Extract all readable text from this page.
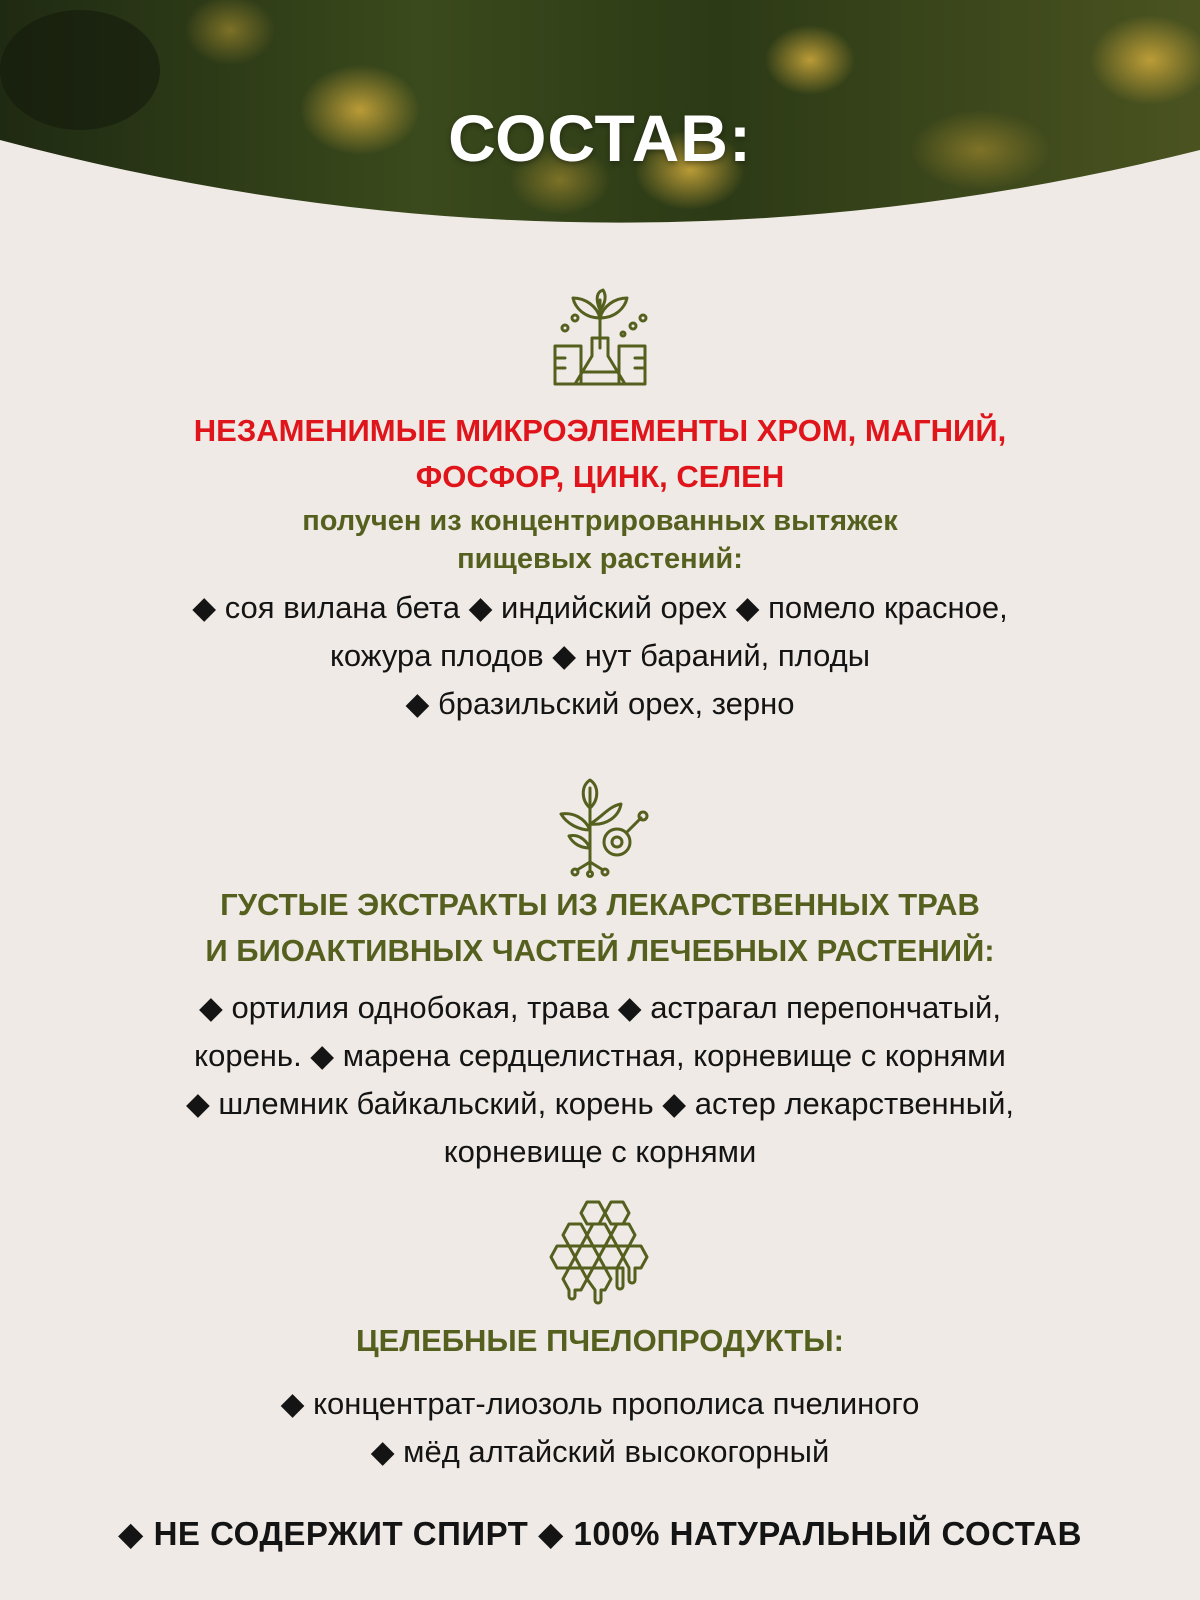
СОСТАВ:
НЕЗАМЕНИМЫЕ МИКРОЭЛЕМЕНТЫ ХРОМ, МАГНИЙ,
ФОСФОР, ЦИНК, СЕЛЕН
получен из концентрированных вытяжек
пищевых растений:
◆ соя вилана бета ◆ индийский орех ◆ помело красное,
кожура плодов ◆ нут бараний, плоды
◆ бразильский орех, зерно
ГУСТЫЕ ЭКСТРАКТЫ ИЗ ЛЕКАРСТВЕННЫХ ТРАВ
И БИОАКТИВНЫХ ЧАСТЕЙ ЛЕЧЕБНЫХ РАСТЕНИЙ:
◆ ортилия однобокая, трава ◆ астрагал перепончатый,
корень. ◆ марена сердцелистная, корневище с корнями
◆ шлемник байкальский, корень ◆ астер лекарственный,
корневище с корнями
ЦЕЛЕБНЫЕ ПЧЕЛОПРОДУКТЫ:
◆ концентрат-лиозоль прополиса пчелиного
◆ мёд алтайский высокогорный
◆ НЕ СОДЕРЖИТ СПИРТ ◆ 100% НАТУРАЛЬНЫЙ СОСТАВ
